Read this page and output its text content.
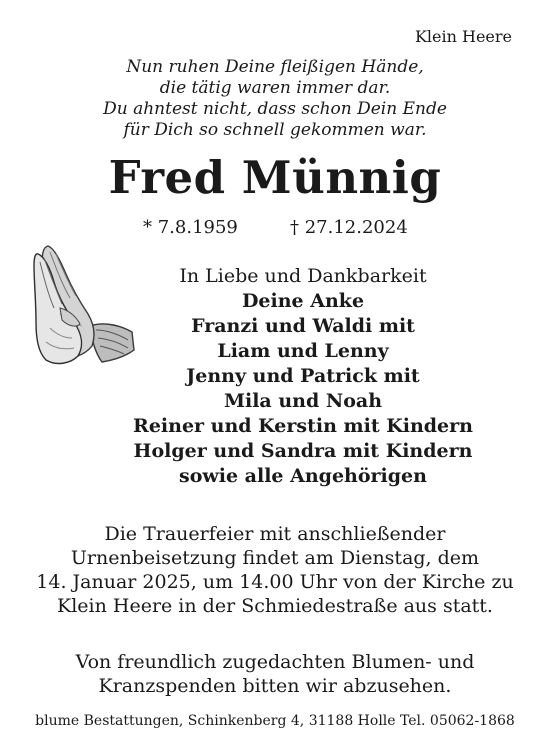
Klein Heere
Nun ruhen Deine fleißigen Hände,
die tätig waren immer dar.
Du ahntest nicht, dass schon Dein Ende
für Dich so schnell gekommen war.
Fred Münnig
* 7.8.1959	† 27.12.2024
In Liebe und Dankbarkeit
Deine Anke
Franzi und Waldi mit
Liam und Lenny
Jenny und Patrick mit
Mila und Noah
Reiner und Kerstin mit Kindern
Holger und Sandra mit Kindern
sowie alle Angehörigen
Die Trauerfeier mit anschließender
Urnenbeisetzung findet am Dienstag, dem
14. Januar 2025, um 14.00 Uhr von der Kirche zu
Klein Heere in der Schmiedestraße aus statt.
Von freundlich zugedachten Blumen- und
Kranzspenden bitten wir abzusehen.
blume Bestattungen, Schinkenberg 4, 31188 Holle Tel. 05062-1868
